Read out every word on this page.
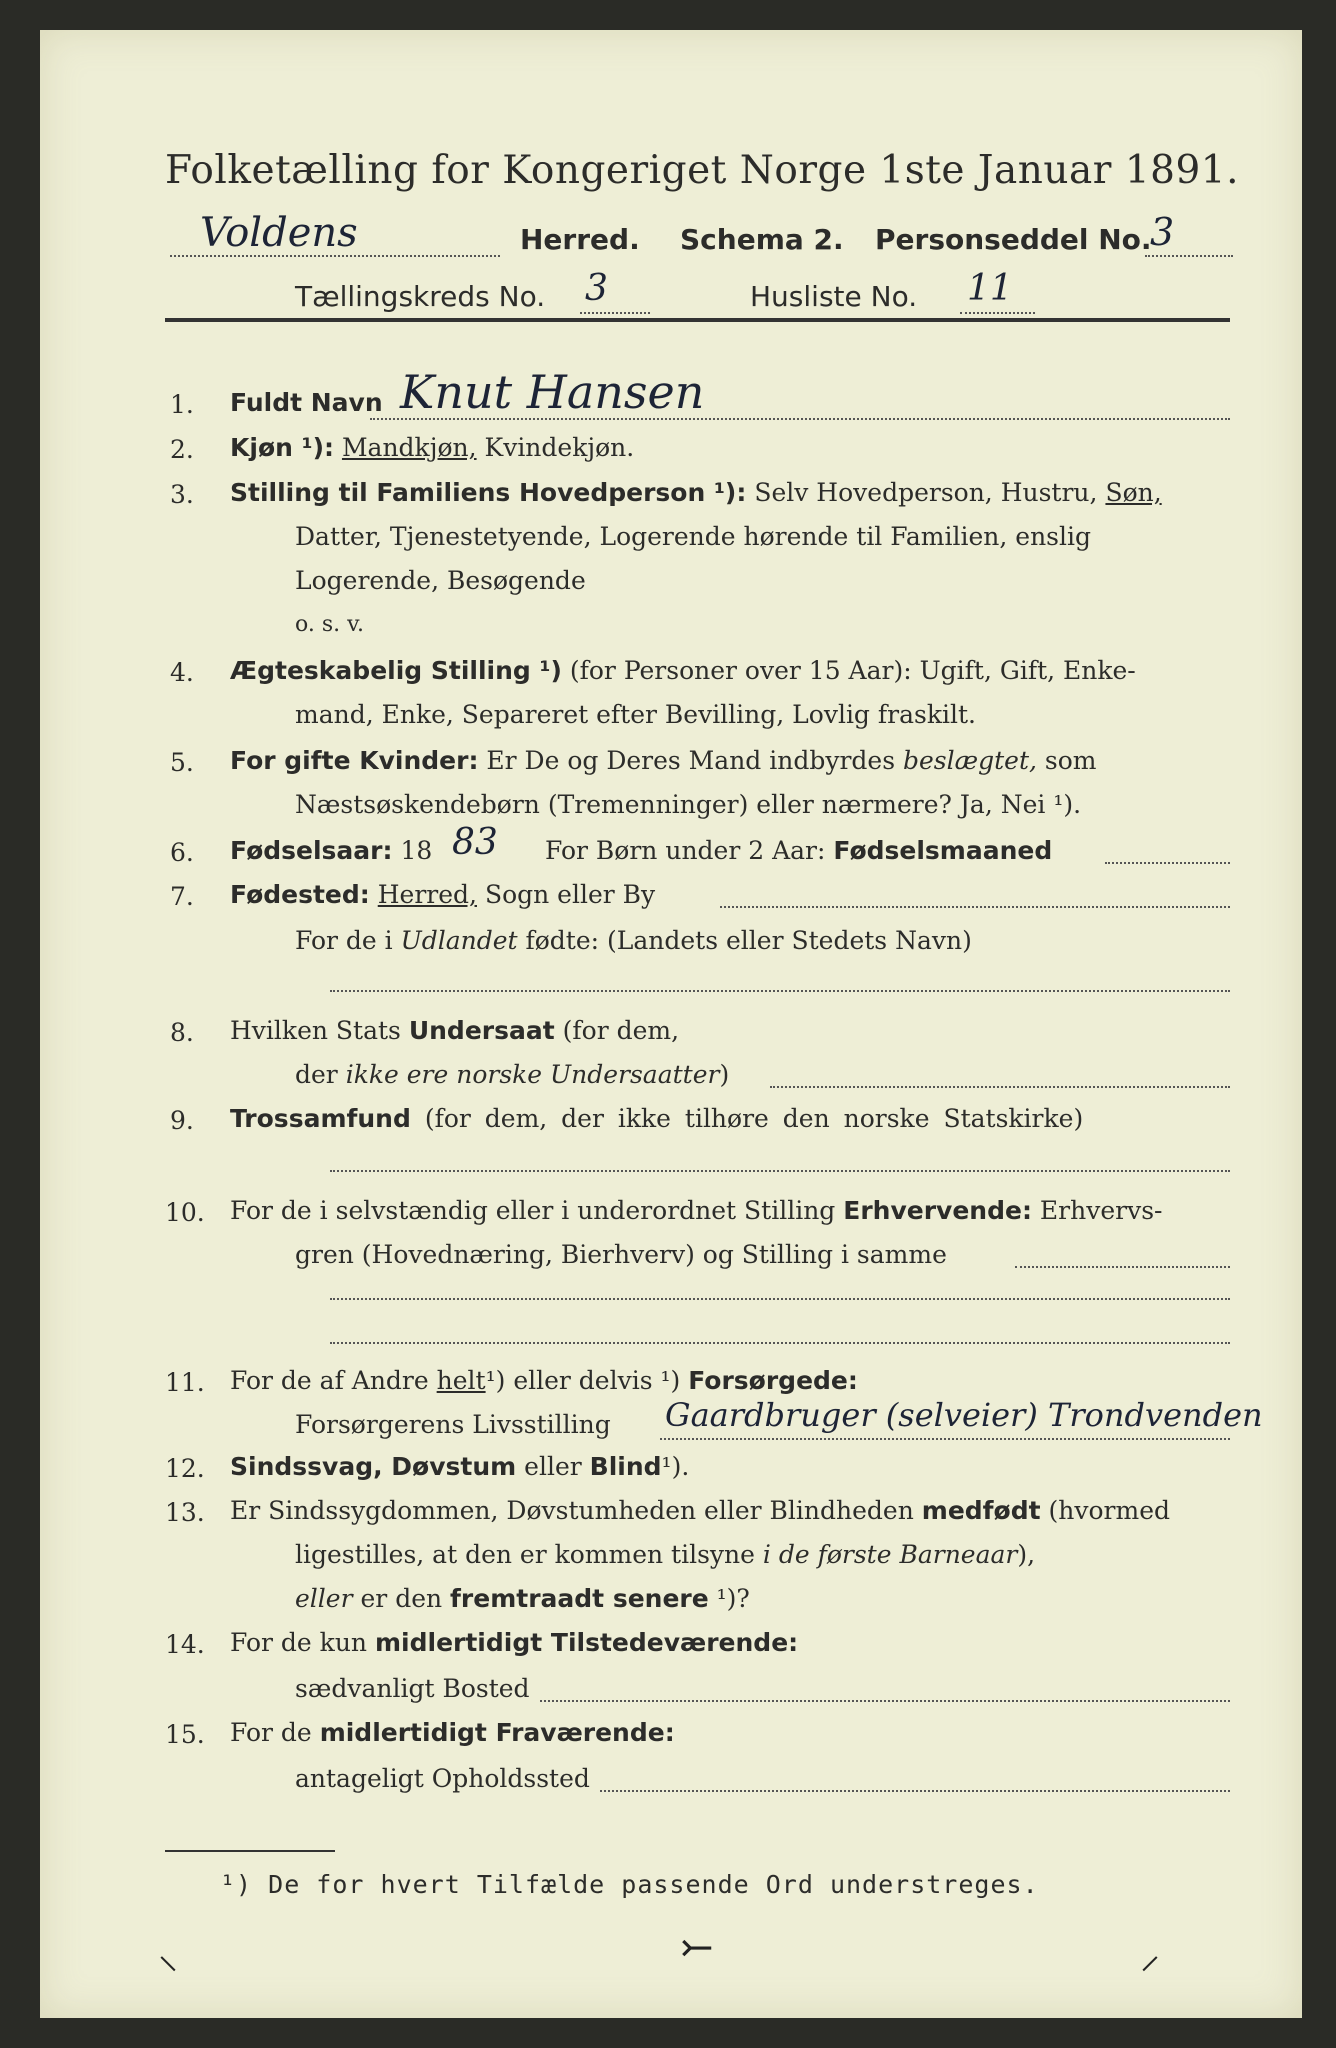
Folketælling for Kongeriget Norge 1ste Januar 1891.
Voldens	Herred. Schema 2. Personseddel No.
3
Tællingskreds No. 3	Husliste No. 11
1. Fuldt Navn Knut Hansen
2. Kjøn ¹): Mandkjøn, Kvindekjøn.
3. Stilling til Familiens Hovedperson ¹): Selv Hovedperson, Hustru, Søn,
Datter, Tjenestetyende, Logerende hørende til Familien, enslig
Logerende, Besøgende
o. s. v.
4. Ægteskabelig Stilling ¹) (for Personer over 15 Aar): Ugift, Gift, Enke-
mand, Enke, Separeret efter Bevilling, Lovlig fraskilt.
5. For gifte Kvinder: Er De og Deres Mand indbyrdes beslægtet, som
Næstsøskendebørn (Tremenninger) eller nærmere? Ja, Nei ¹).
6. Fødselsaar: 18 83 For Børn under 2 Aar: Fødselsmaaned
7. Fødested: Herred, Sogn eller By
For de i Udlandet fødte: (Landets eller Stedets Navn)
8. Hvilken Stats Undersaat (for dem,
der ikke ere norske Undersaatter)
9. Trossamfund (for dem, der ikke tilhøre den norske Statskirke)
10. For de i selvstændig eller i underordnet Stilling Erhvervende: Erhvervs-
gren (Hovednæring, Bierhverv) og Stilling i samme
11. For de af Andre helt¹) eller delvis ¹) Forsørgede:
Forsørgerens Livsstilling Gaardbruger (selveier) Trondvenden
12. Sindssvag, Døvstum eller Blind¹).
13. Er Sindssygdommen, Døvstumheden eller Blindheden medfødt (hvormed
ligestilles, at den er kommen tilsyne i de første Barneaar),
eller er den fremtraadt senere ¹)?
14. For de kun midlertidigt Tilstedeværende:
sædvanligt Bosted
15. For de midlertidigt Fraværende:
antageligt Opholdssted
¹) De for hvert Tilfælde passende Ord understreges.
⸜	⤚	⸝
